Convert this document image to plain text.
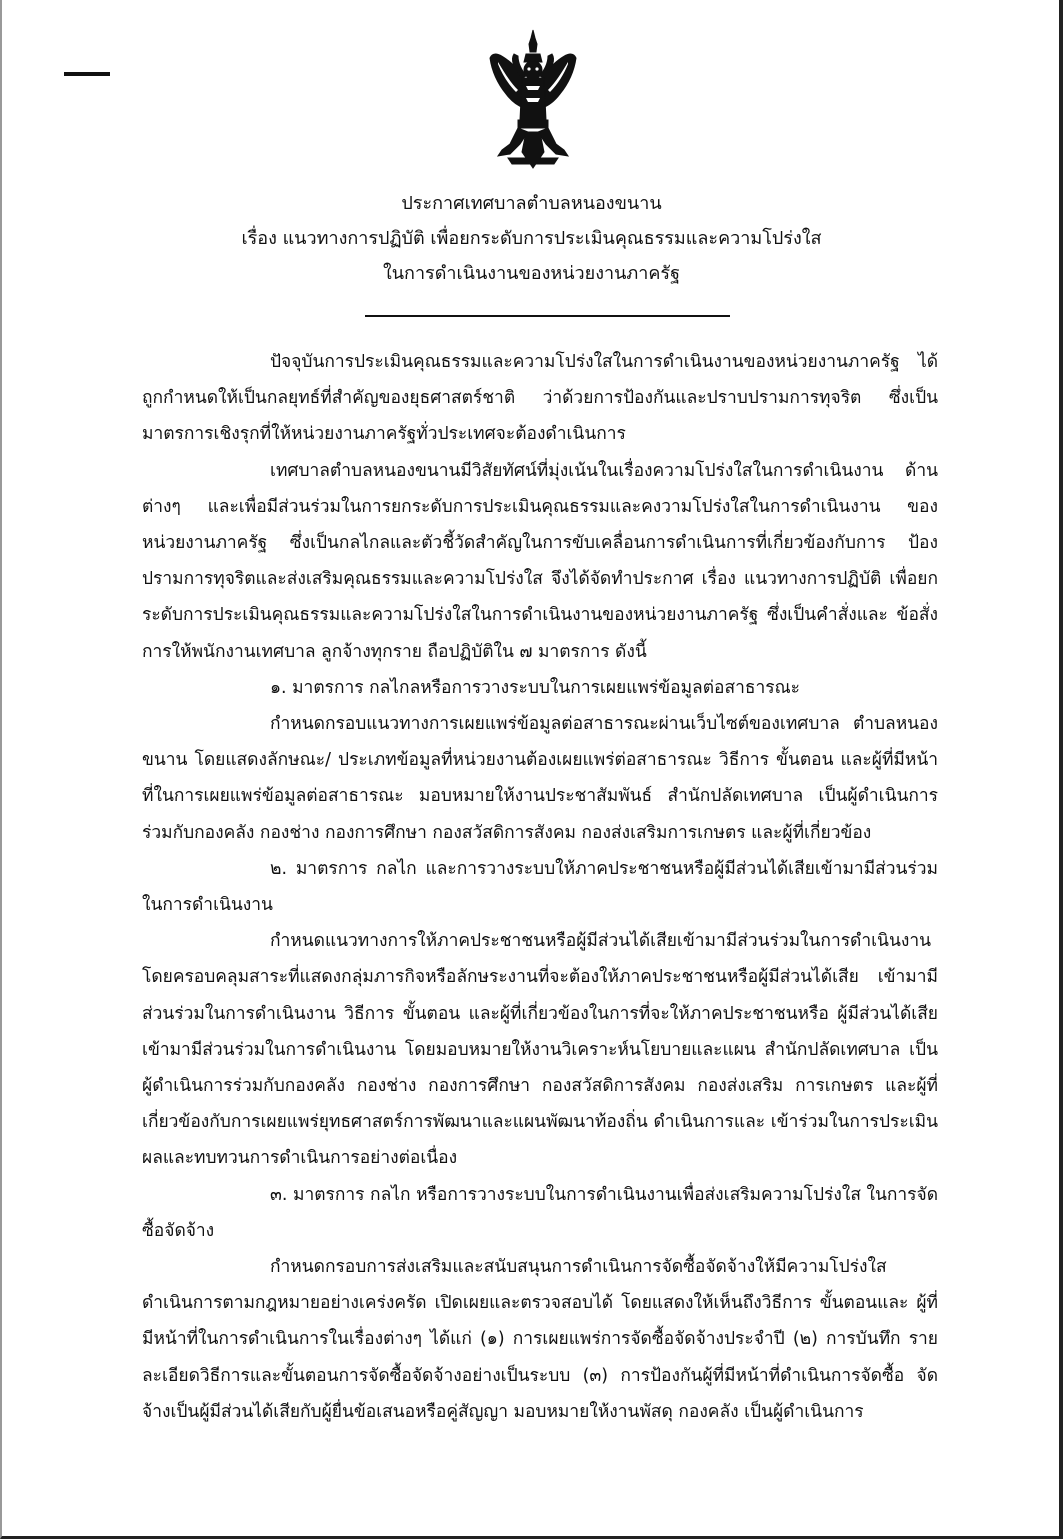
ประกาศเทศบาลตำบลหนองขนาน
เรื่อง แนวทางการปฏิบัติ เพื่อยกระดับการประเมินคุณธรรมและความโปร่งใส
ในการดำเนินงานของหน่วยงานภาครัฐ

ปัจจุบันการประเมินคุณธรรมและความโปร่งใสในการดำเนินงานของหน่วยงานภาครัฐ ได้ถูกกำหนดให้เป็นกลยุทธ์ที่สำคัญของยุธศาสตร์ชาติ ว่าด้วยการป้องกันและปราบปรามการทุจริต ซึ่งเป็นมาตรการเชิงรุกที่ให้หน่วยงานภาครัฐทั่วประเทศจะต้องดำเนินการ

เทศบาลตำบลหนองขนานมีวิสัยทัศน์ที่มุ่งเน้นในเรื่องความโปร่งใสในการดำเนินงาน ด้านต่างๆ และเพื่อมีส่วนร่วมในการยกระดับการประเมินคุณธรรมและคงวามโปร่งใสในการดำเนินงาน ของหน่วยงานภาครัฐ ซึ่งเป็นกลไกลและตัวชี้วัดสำคัญในการขับเคลื่อนการดำเนินการที่เกี่ยวข้องกับการ ป้องปรามการทุจริตและส่งเสริมคุณธรรมและความโปร่งใส จึงได้จัดทำประกาศ เรื่อง แนวทางการปฏิบัติ เพื่อยกระดับการประเมินคุณธรรมและความโปร่งใสในการดำเนินงานของหน่วยงานภาครัฐ ซึ่งเป็นคำสั่งและ ข้อสั่งการให้พนักงานเทศบาล ลูกจ้างทุกราย ถือปฏิบัติใน ๗ มาตรการ ดังนี้

๑. มาตรการ กลไกลหรือการวางระบบในการเผยแพร่ข้อมูลต่อสาธารณะ

กำหนดกรอบแนวทางการเผยแพร่ข้อมูลต่อสาธารณะผ่านเว็บไซต์ของเทศบาล ตำบลหนองขนาน โดยแสดงลักษณะ/ ประเภทข้อมูลที่หน่วยงานต้องเผยแพร่ต่อสาธารณะ วิธีการ ขั้นตอน และผู้ที่มีหน้าที่ในการเผยแพร่ข้อมูลต่อสาธารณะ มอบหมายให้งานประชาสัมพันธ์ สำนักปลัดเทศบาล เป็นผู้ดำเนินการร่วมกับกองคลัง กองช่าง กองการศึกษา กองสวัสดิการสังคม กองส่งเสริมการเกษตร และผู้ที่เกี่ยวข้อง

๒. มาตรการ กลไก และการวางระบบให้ภาคประชาชนหรือผู้มีส่วนได้เสียเข้ามามีส่วนร่วม ในการดำเนินงาน

กำหนดแนวทางการให้ภาคประชาชนหรือผู้มีส่วนได้เสียเข้ามามีส่วนร่วมในการดำเนินงาน โดยครอบคลุมสาระที่แสดงกลุ่มภารกิจหรือลักษระงานที่จะต้องให้ภาคประชาชนหรือผู้มีส่วนได้เสีย เข้ามามีส่วนร่วมในการดำเนินงาน วิธีการ ขั้นตอน และผู้ที่เกี่ยวข้องในการที่จะให้ภาคประชาชนหรือ ผู้มีส่วนได้เสียเข้ามามีส่วนร่วมในการดำเนินงาน โดยมอบหมายให้งานวิเคราะห์นโยบายและแผน สำนักปลัดเทศบาล เป็นผู้ดำเนินการร่วมกับกองคลัง กองช่าง กองการศึกษา กองสวัสดิการสังคม กองส่งเสริม การเกษตร และผู้ที่เกี่ยวข้องกับการเผยแพร่ยุทธศาสตร์การพัฒนาและแผนพัฒนาท้องถิ่น ดำเนินการและ เข้าร่วมในการประเมินผลและทบทวนการดำเนินการอย่างต่อเนื่อง

๓. มาตรการ กลไก หรือการวางระบบในการดำเนินงานเพื่อส่งเสริมความโปร่งใส ในการจัดซื้อจัดจ้าง

กำหนดกรอบการส่งเสริมและสนับสนุนการดำเนินการจัดซื้อจัดจ้างให้มีความโปร่งใส ดำเนินการตามกฎหมายอย่างเคร่งครัด เปิดเผยและตรวจสอบได้ โดยแสดงให้เห็นถึงวิธีการ ขั้นตอนและ ผู้ที่มีหน้าที่ในการดำเนินการในเรื่องต่างๆ ได้แก่ (๑) การเผยแพร่การจัดซื้อจัดจ้างประจำปี (๒) การบันทึก รายละเอียดวิธีการและขั้นตอนการจัดซื้อจัดจ้างอย่างเป็นระบบ (๓) การป้องกันผู้ที่มีหน้าที่ดำเนินการจัดซื้อ จัดจ้างเป็นผู้มีส่วนได้เสียกับผู้ยื่นข้อเสนอหรือคู่สัญญา มอบหมายให้งานพัสดุ กองคลัง เป็นผู้ดำเนินการ
